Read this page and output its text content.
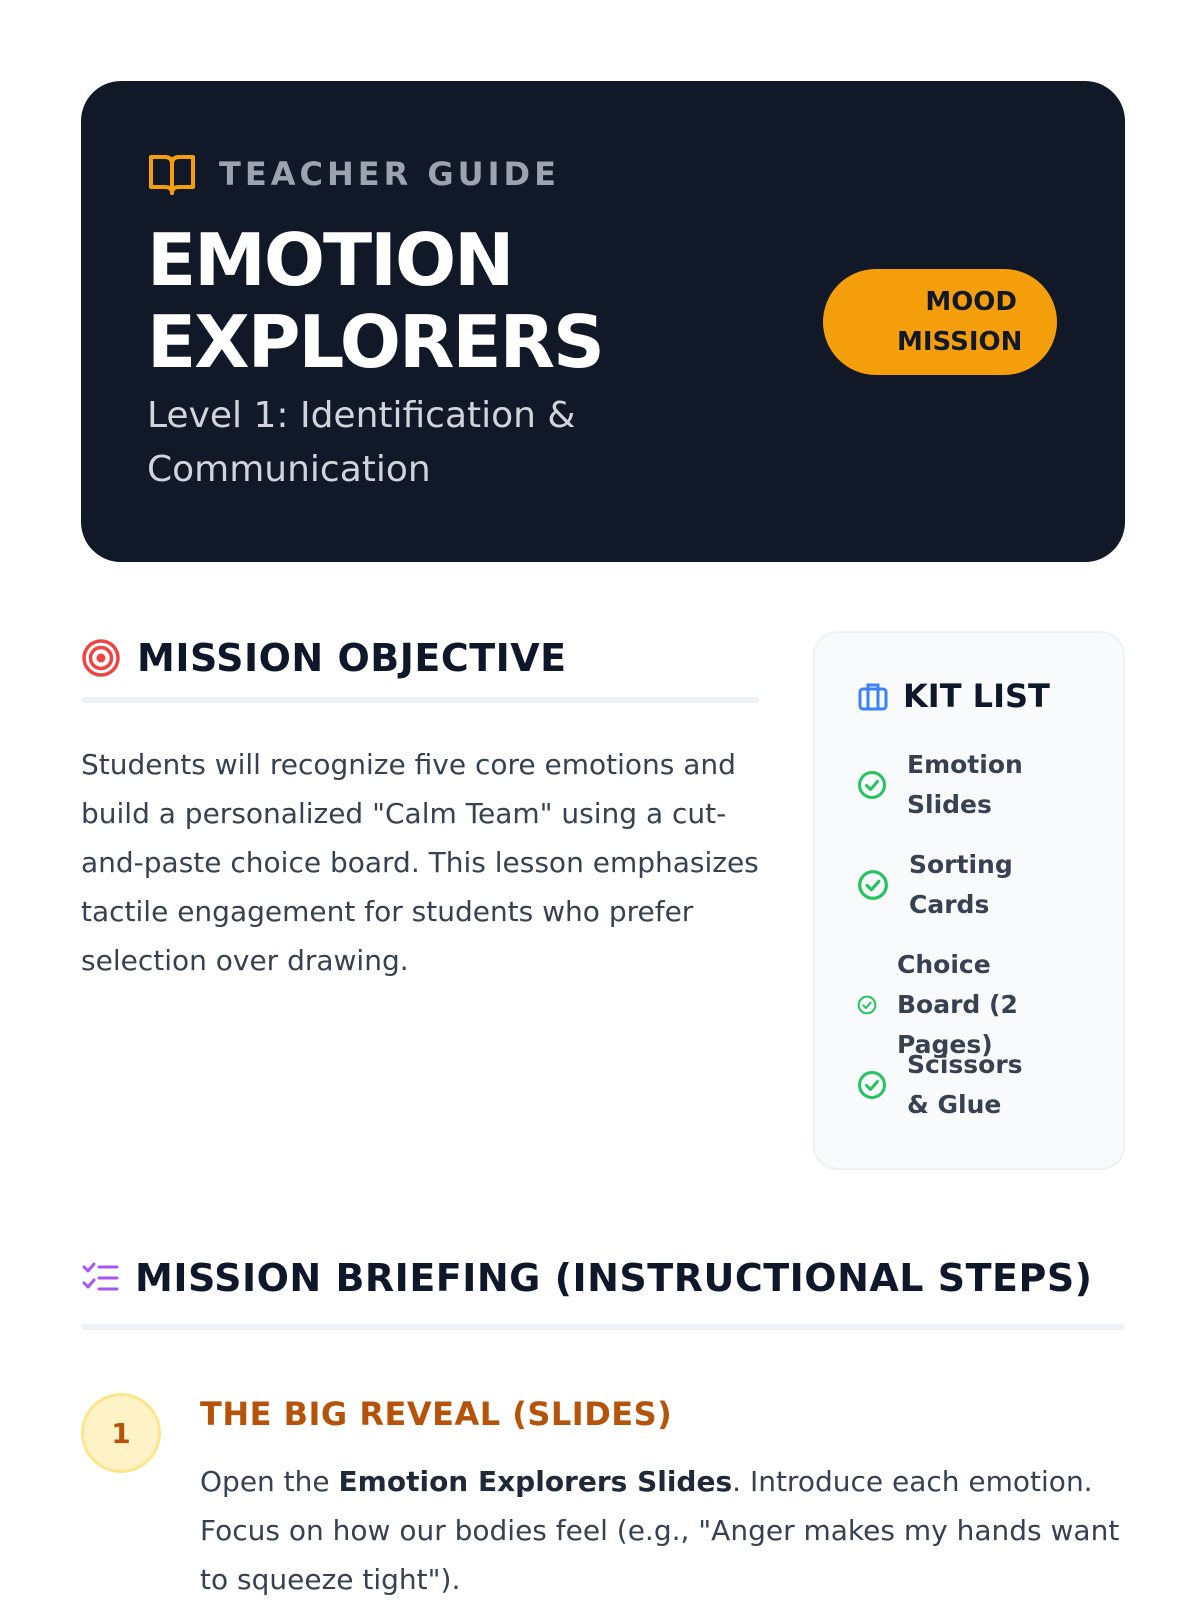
TEACHER GUIDE
EMOTION EXPLORERS
Level 1: Identification & Communication
MOOD
MISSION
MISSION OBJECTIVE
Students will recognize five core emotions and build a personalized "Calm Team" using a cut-and-paste choice board. This lesson emphasizes tactile engagement for students who prefer selection over drawing.
KIT LIST
Emotion Slides
Sorting Cards
Choice Board (2 Pages)
Scissors & Glue
MISSION BRIEFING (INSTRUCTIONAL STEPS)
1	THE BIG REVEAL (SLIDES)
Open the Emotion Explorers Slides. Introduce each emotion. Focus on how our bodies feel (e.g., "Anger makes my hands want to squeeze tight").
